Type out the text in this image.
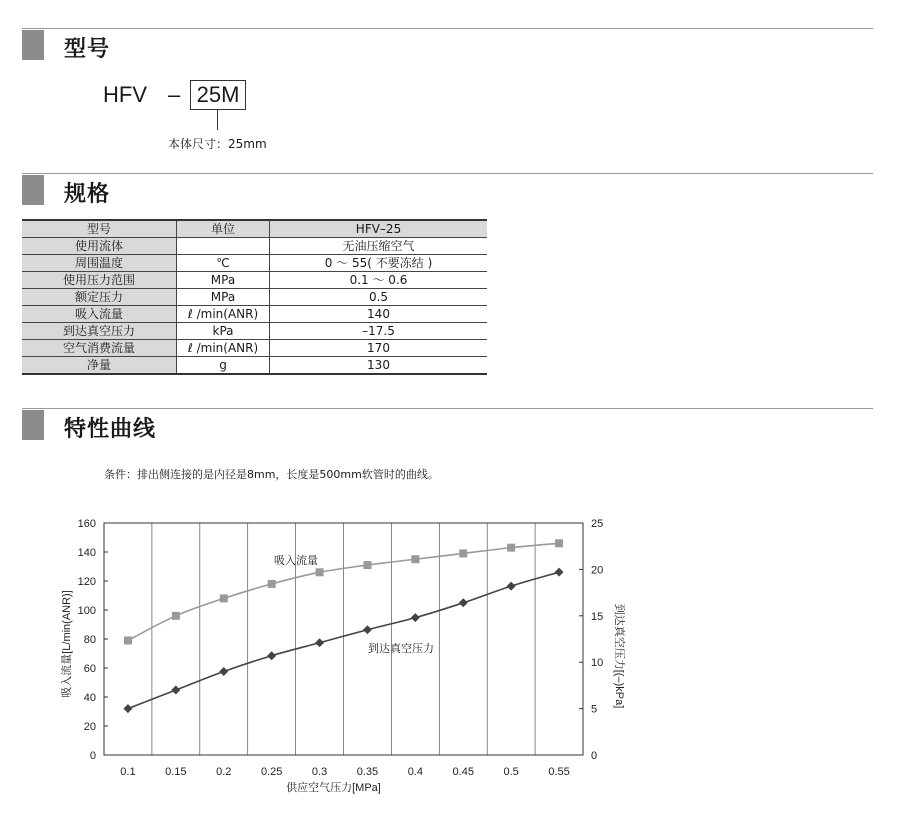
型号
HFV – 25M
本体尺寸：25mm
规格
型号	单位	HFV–25
使用流体		无油压缩空气
周围温度	℃	0 ～ 55( 不要冻结 )
使用压力范围	MPa	0.1 ～ 0.6
额定压力	MPa	0.5
吸入流量	ℓ /min(ANR)	140
到达真空压力	kPa	–17.5
空气消费流量	ℓ /min(ANR)	170
净量	g	130
特性曲线
条件：排出侧连接的是内径是8mm，长度是500mm软管时的曲线。
0
20
40
60
80
100
120
140
160
0
5
10
15
20
25
0.1	0.15	0.2	0.25	0.3	0.35	0.4	0.45	0.5	0.55
供应空气压力[MPa]
吸入流量[L/min(ANR)]	到达真空压力[(–)kPa]
吸入流量
到达真空压力
